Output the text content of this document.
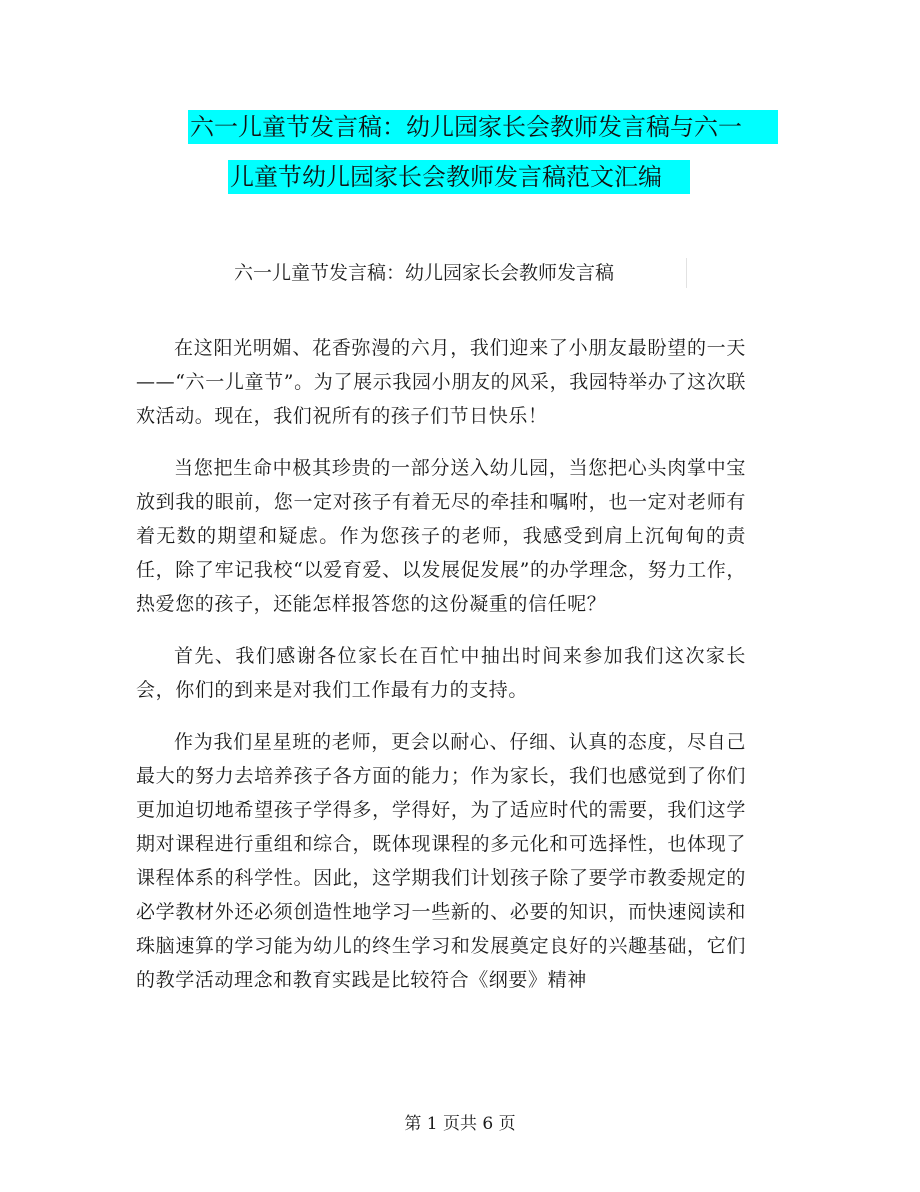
六一儿童节发言稿：幼儿园家长会教师发言稿与六一
儿童节幼儿园家长会教师发言稿范文汇编
六一儿童节发言稿：幼儿园家长会教师发言稿

在这阳光明媚、花香弥漫的六月，我们迎来了小朋友最盼望的一天——“六一儿童节”。为了展示我园小朋友的风采，我园特举办了这次联欢活动。现在，我们祝所有的孩子们节日快乐！

当您把生命中极其珍贵的一部分送入幼儿园，当您把心头肉掌中宝放到我的眼前，您一定对孩子有着无尽的牵挂和嘱咐，也一定对老师有着无数的期望和疑虑。作为您孩子的老师，我感受到肩上沉甸甸的责任，除了牢记我校“以爱育爱、以发展促发展”的办学理念，努力工作，热爱您的孩子，还能怎样报答您的这份凝重的信任呢？

首先、我们感谢各位家长在百忙中抽出时间来参加我们这次家长会，你们的到来是对我们工作最有力的支持。

作为我们星星班的老师，更会以耐心、仔细、认真的态度，尽自己最大的努力去培养孩子各方面的能力；作为家长，我们也感觉到了你们更加迫切地希望孩子学得多，学得好，为了适应时代的需要，我们这学期对课程进行重组和综合，既体现课程的多元化和可选择性，也体现了课程体系的科学性。因此，这学期我们计划孩子除了要学市教委规定的必学教材外还必须创造性地学习一些新的、必要的知识，而快速阅读和珠脑速算的学习能为幼儿的终生学习和发展奠定良好的兴趣基础，它们的教学活动理念和教育实践是比较符合《纲要》精神

第 1 页共 6 页
